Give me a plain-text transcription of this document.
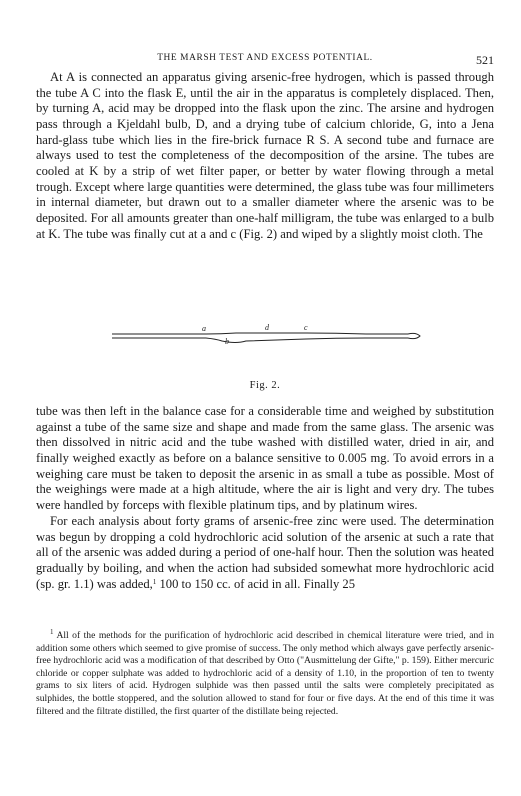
THE MARSH TEST AND EXCESS POTENTIAL.	521

At A is connected an apparatus giving arsenic-free hydrogen, which is passed through the tube A C into the flask E, until the air in the apparatus is completely displaced. Then, by turning A, acid may be dropped into the flask upon the zinc. The arsine and hydrogen pass through a Kjeldahl bulb, D, and a drying tube of calcium chloride, G, into a Jena hard-glass tube which lies in the fire-brick furnace R S. A second tube and furnace are always used to test the completeness of the decomposition of the arsine. The tubes are cooled at K by a strip of wet filter paper, or better by water flowing through a metal trough. Except where large quantities were determined, the glass tube was four millimeters in internal diameter, but drawn out to a smaller diameter where the arsenic was to be deposited. For all amounts greater than one-half milligram, the tube was enlarged to a bulb at K. The tube was finally cut at a and c (Fig. 2) and wiped by a slightly moist cloth. The

a
b
d	c
Fig. 2.

tube was then left in the balance case for a considerable time and weighed by substitution against a tube of the same size and shape and made from the same glass. The arsenic was then dissolved in nitric acid and the tube washed with distilled water, dried in air, and finally weighed exactly as before on a balance sensitive to 0.005 mg. To avoid errors in a weighing care must be taken to deposit the arsenic in as small a tube as possible. Most of the weighings were made at a high altitude, where the air is light and very dry. The tubes were handled by forceps with flexible platinum tips, and by platinum wires.

For each analysis about forty grams of arsenic-free zinc were used. The determination was begun by dropping a cold hydrochloric acid solution of the arsenic at such a rate that all of the arsenic was added during a period of one-half hour. Then the solution was heated gradually by boiling, and when the action had subsided somewhat more hydrochloric acid (sp. gr. 1.1) was added,$^1$ 100 to 150 cc. of acid in all. Finally 25

$^1$ All of the methods for the purification of hydrochloric acid described in chemical literature were tried, and in addition some others which seemed to give promise of success. The only method which always gave perfectly arsenic-free hydrochloric acid was a modification of that described by Otto ("Ausmittelung der Gifte," p. 159). Either mercuric chloride or copper sulphate was added to hydrochloric acid of a density of 1.10, in the proportion of ten to twenty grams to six liters of acid. Hydrogen sulphide was then passed until the salts were completely precipitated as sulphides, the bottle stoppered, and the solution allowed to stand for four or five days. At the end of this time it was filtered and the filtrate distilled, the first quarter of the distillate being rejected.
